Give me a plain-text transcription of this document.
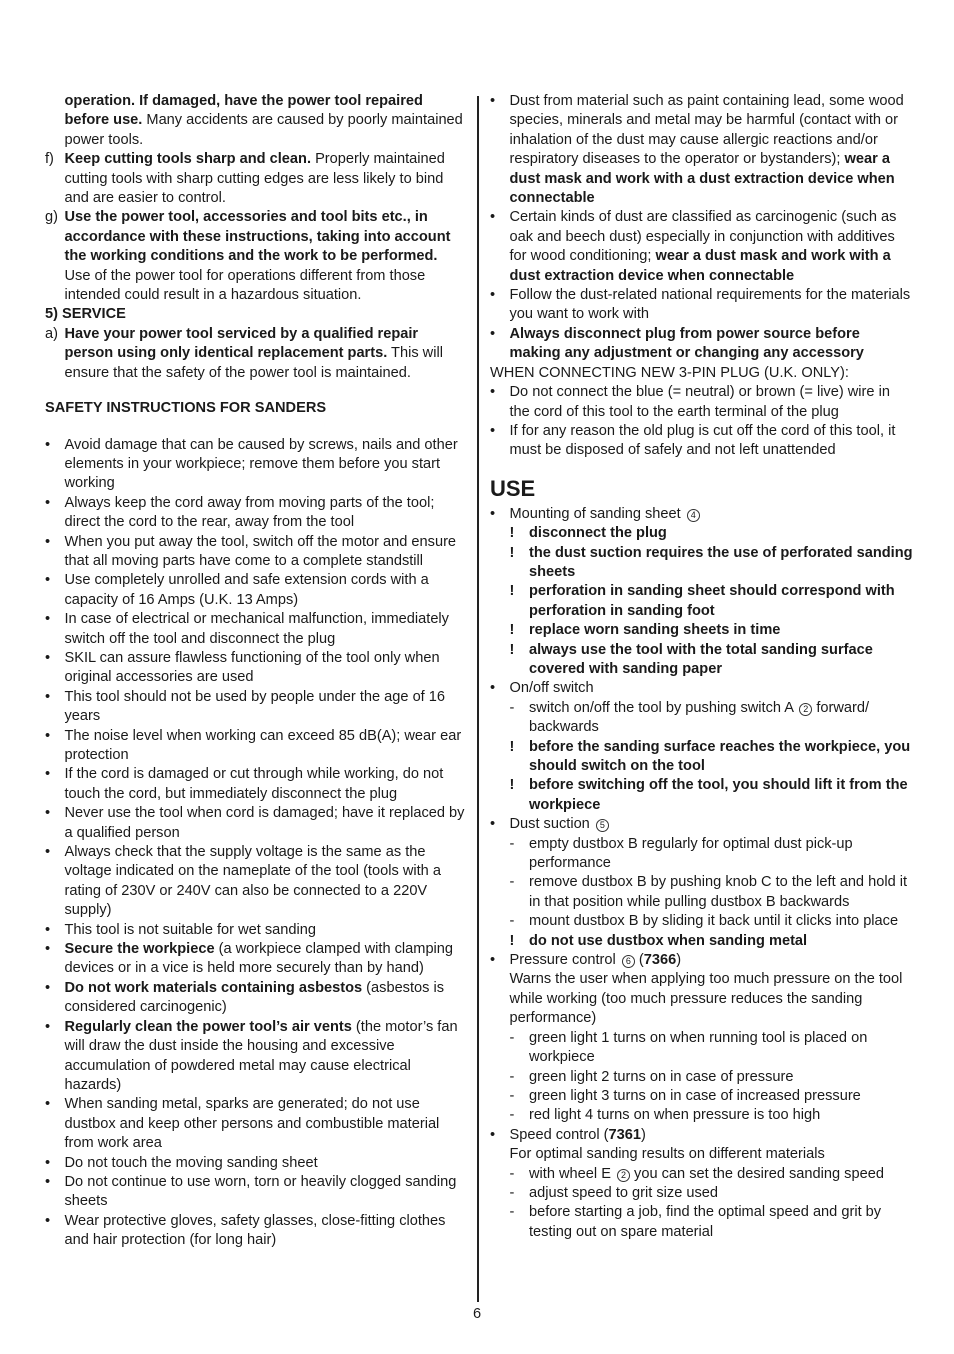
operation. If damaged, have the power tool repaired before use. Many accidents are caused by poorly maintained power tools.
f) Keep cutting tools sharp and clean. Properly maintained cutting tools with sharp cutting edges are less likely to bind and are easier to control.
g) Use the power tool, accessories and tool bits etc., in accordance with these instructions, taking into account the working conditions and the work to be performed. Use of the power tool for operations different from those intended could result in a hazardous situation.
5) SERVICE
a) Have your power tool serviced by a qualified repair person using only identical replacement parts. This will ensure that the safety of the power tool is maintained.
SAFETY INSTRUCTIONS FOR SANDERS
• Avoid damage that can be caused by screws, nails and other elements in your workpiece; remove them before you start working
• Always keep the cord away from moving parts of the tool; direct the cord to the rear, away from the tool
• When you put away the tool, switch off the motor and ensure that all moving parts have come to a complete standstill
• Use completely unrolled and safe extension cords with a capacity of 16 Amps (U.K. 13 Amps)
• In case of electrical or mechanical malfunction, immediately switch off the tool and disconnect the plug
• SKIL can assure flawless functioning of the tool only when original accessories are used
• This tool should not be used by people under the age of 16 years
• The noise level when working can exceed 85 dB(A); wear ear protection
• If the cord is damaged or cut through while working, do not touch the cord, but immediately disconnect the plug
• Never use the tool when cord is damaged; have it replaced by a qualified person
• Always check that the supply voltage is the same as the voltage indicated on the nameplate of the tool (tools with a rating of 230V or 240V can also be connected to a 220V supply)
• This tool is not suitable for wet sanding
• Secure the workpiece (a workpiece clamped with clamping devices or in a vice is held more securely than by hand)
• Do not work materials containing asbestos (asbestos is considered carcinogenic)
• Regularly clean the power tool’s air vents (the motor’s fan will draw the dust inside the housing and excessive accumulation of powdered metal may cause electrical hazards)
• When sanding metal, sparks are generated; do not use dustbox and keep other persons and combustible material from work area
• Do not touch the moving sanding sheet
• Do not continue to use worn, torn or heavily clogged sanding sheets
• Wear protective gloves, safety glasses, close-fitting clothes and hair protection (for long hair)
• Dust from material such as paint containing lead, some wood species, minerals and metal may be harmful (contact with or inhalation of the dust may cause allergic reactions and/or respiratory diseases to the operator or bystanders); wear a dust mask and work with a dust extraction device when connectable
• Certain kinds of dust are classified as carcinogenic (such as oak and beech dust) especially in conjunction with additives for wood conditioning; wear a dust mask and work with a dust extraction device when connectable
• Follow the dust-related national requirements for the materials you want to work with
• Always disconnect plug from power source before making any adjustment or changing any accessory
WHEN CONNECTING NEW 3-PIN PLUG (U.K. ONLY):
• Do not connect the blue (= neutral) or brown (= live) wire in the cord of this tool to the earth terminal of the plug
• If for any reason the old plug is cut off the cord of this tool, it must be disposed of safely and not left unattended
USE
• Mounting of sanding sheet 4
!	disconnect the plug
!	the dust suction requires the use of perforated sanding sheets
!	perforation in sanding sheet should correspond with perforation in sanding foot
!	replace worn sanding sheets in time
!	always use the tool with the total sanding surface covered with sanding paper
• On/off switch
-	switch on/off the tool by pushing switch A 2 forward/ backwards
!	before the sanding surface reaches the workpiece, you should switch on the tool
!	before switching off the tool, you should lift it from the workpiece
• Dust suction 5
-	empty dustbox B regularly for optimal dust pick-up performance
-	remove dustbox B by pushing knob C to the left and hold it in that position while pulling dustbox B backwards
-	mount dustbox B by sliding it back until it clicks into place
!	do not use dustbox when sanding metal
• Pressure control 6 (7366)
Warns the user when applying too much pressure on the tool while working (too much pressure reduces the sanding performance)
-	green light 1 turns on when running tool is placed on workpiece
-	green light 2 turns on in case of pressure
-	green light 3 turns on in case of increased pressure
-	red light 4 turns on when pressure is too high
• Speed control (7361)
For optimal sanding results on different materials
-	with wheel E 2 you can set the desired sanding speed
-	adjust speed to grit size used
-	before starting a job, find the optimal speed and grit by testing out on spare material
6
